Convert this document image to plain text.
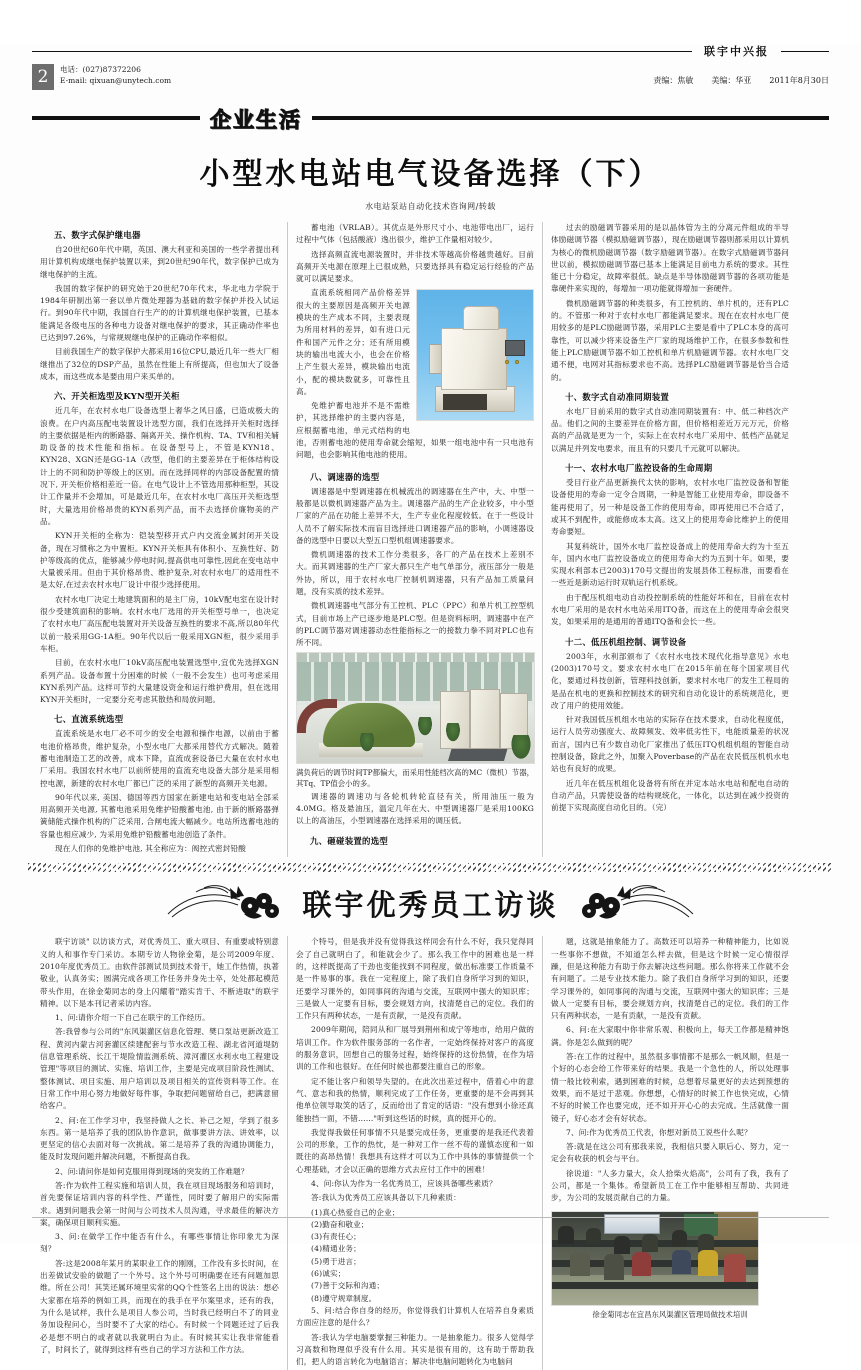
联宇中兴报
2	电话：(027)87372206
E-mail: qixuan@unytech.com	责编：焦敏 美编：华亚 2011年8月30日
企业生活
小型水电站电气设备选择（下）
水电站泵站自动化技术咨询网/转载
五、数字式保护继电器

自20世纪60年代中期，英国、澳大利亚和美国的一些学者提出利用计算机构成继电保护装置以来，到20世纪90年代，数字保护已成为继电保护的主流。

我国的数字保护的研究始于20世纪70年代末，华北电力学院于1984年研制出第一套以单片微处理器为基础的数字保护并投入试运行。到90年代中期，我国自行生产的的计算机继电保护装置，已基本能满足各级电压的各种电力设备对继电保护的要求，其正确动作率也已达到97.26%，与常规规继电保护的正确动作率相似。

目前我国生产的数字保护大都采用16位CPU,最近几年一些大厂相继推出了32位的DSP产品，虽然在性能上有所提高，但也加大了设备成本，而这些成本是要由用户来买单的。

六、开关柜选型及KYN型开关柜

近几年，在农村水电厂设备选型上奢华之风日盛，已造成极大的浪费。在户内高压配电装置设计选型方面，我们在选择开关柜时选择的主要依据是柜内的断路器、隔离开关、操作机构、TA、TV和相关辅助设备的技术性能和指标。在设备型号上，不管是KYN18、KYN28、XGN还是GG-1A（改型，他们的主要差异在于柜体结构设计上的不同和防护等级上的区别。而在选择同样的内部设备配置的情况下, 开关柜价格相差近一倍。在电气设计上不管选用那种柜型，其设计工作量并不会增加，可是最近几年，在农村水电厂高压开关柜选型时，大量选用价格昂贵的KYN系列产品，而不去选择价廉物美的产品。

KYN开关柜的全称为：铠装型移开式户内交流金属封闭开关设备，现在习惯称之为中置柜。KYN开关柜具有体积小、互换性好、防护等级高的优点，能够减少停电时间,提高供电可靠性,因此在变电站中大量被采用。但由于其价格昂贵、维护复杂,对农村水电厂的适用性不是太好,在过去农村水电厂设计中很少选择使用。

农村水电厂决定土地建筑面积的是主厂房，10kV配电室在设计时很少受建筑面积的影响。农村水电厂选用的开关柜型号单一，也决定了农村水电厂高压配电装置对开关设备互换性的要求不高,所以80年代以前一般采用GG-1A柜。90年代以后一般采用XGN柜，很少采用手车柜。

目前，在农村水电厂10kV高压配电装置选型中,宜优先选择XGN系列产品。设备布置十分困难的时候（一般不会发生）也可考虑采用KYN系列产品。这样可节约大量建设资金和运行维护费用，但在选用KYN开关柜时，一定要分充考虑其散热和局放问题。

七、直流系统选型

直流系统是水电厂必不可少的安全电源和操作电源，以前由于蓄电池价格昂贵，维护复杂，小型水电厂大都采用替代方式解决。随着蓄电池制造工艺的改善，成本下降，直流成套设备已大量在农村水电厂采用。我国农村水电厂以前所使用的直流充电设备大部分是采用相控电源，新建的农村水电厂都已广泛的采用了新型的高频开关电源。

90年代以来, 美国、德国等西方国家在新建电站和变电站全部采用高频开关电源, 其蓄电池采用免维护铅酸蓄电池, 由于新的断路器弹簧储能式操作机构的广泛采用, 合闸电流大幅减少。电站所选蓄电池的容量也相应减少, 为采用免维护铅酸蓄电池创造了条件。

现在人们你的免维护电池, 其全称应为：阀控式密封铅酸

蓄电池（VRLAB）。其优点是外形尺寸小、电池带电出厂，运行过程中气体（包括酸液）逸出很少，维护工作量相对较少。

选择高频直流电源装置时，并非技术等越高价格越贵越好。目前高频开关电源在原理上已很成熟，只要选择具有稳定运行经验的产品就可以满足要求。

直流系统相同产品价格差异很大的主要原因是高频开关电源模块的生产成本不同，主要表现为所用材料的差异，如有进口元件和国产元件之分；还有所用模块的输出电流大小，也会在价格上产生很大差异，模块输出电流小，配的模块数就多，可靠性且高。

免维护蓄电池并不是不需维护，其选择维护的主要内容是，应根据蓄电池，单元式结构的电池，否则蓄电池的使用寿命就会缩短，如果一组电池中有一只电池有问题，也会影响其他电池的使用。

八、调速器的选型

调速器是中型调速器在机械流出的调速器在生产中，大、中型一般都是以微机调速器产品为主。调速器产品的生产企业较多，中小型厂家的产品在功能上差异不大，生产专业化程度较低。在于一些设计人员不了解实际技术而盲目选择进口调速器产品的影响，小调速器设备的选型中日要以大型五口型机组调速器要求。

微机调速器的技术工作分类很多，各厂的产品在技术上差别不大。而其调速器的生产厂家大都只生产电气单部分，液压部分一般是外协，所以，用于农村水电厂控制机调速器，只有产品加工质量问题，没有实质的技术差异。

微机调速器电气部分有工控机、PLC（PPC）和单片机工控型机式，目前市场上产已逐步地是PLC型。但是资料标明，调速器中在产的PLC调节器对调速器动态性能指标之一的接数力拳不同对PLC也有所不同。

满负荷后的调节时间TP都偏大，而采用性能档次高的MC（微机）节器，其Tq、TP值会小的多。

调速器的调速功与各轮机转轮直径有关，所用油压一般为4.0MG。格及悬油压，温定几年在大、中型调速器厂是采用100KG以上的高油压，小型调速器在选择采用的调压低。

九、砸碰装置的选型

过去的励磁调节器采用的是以晶体管为主的分离元件组成的半导体励磁调节器（模拟励磁调节器），现在励磁调节器则都采用以计算机为核心的微机励磁调节器（数字励磁调节器）。在数字式励磁调节器问世以前，模拟励磁调节器已基本上能满足目前电力系统的要求。其性能已十分稳定，故障率很低。缺点是半导体励磁调节器的各项功能是靠硬件来实现的，每增加一项功能就得增加一套硬件。

微机励磁调节器的种类很多，有工控机的、单片机的，还有PLC的。不管那一种对于农村水电厂都能满足要求。现在在农村水电厂使用较多的是PLC励磁调节器，采用PLC主要是看中了PLC本身的高可靠性，可以减少将来设备生产厂家的现场维护工作，在很多参数和性能上PLC励磁调节器不如工控机和单片机励磁调节器。农村水电厂交通不便，电网对其指标要求也不高。选择PLC励磁调节器是恰当合适的。

十、数字式自动准同期装置

水电厂目前采用的数字式自动准同期装置有：中、低二种档次产品。他们之间的主要差异在价格方面，但价格相差近万元万元，价格高的产品就是更为一个，实际上在农村水电厂采用中、低档产品就足以满足并列发电要求，而且有的只要几千元就可以解决。

十一、农村水电厂监控设备的生命周期

受目行业产品更新换代太快的影响，农村水电厂监控设备和智能设备使用的寿命一定令合周期，一种是智能工业使用寿命，即设备不能再使用了，另一种是设备工作的使用寿命，即再使用已不合适了，或其不到配件，或能修成本太高。这又上的使用寿命比维护上的使用寿命要短。

其复科统计，国外水电厂监控设备成上的使用寿命大约为十至五年，国内水电厂监控设备成立的使用寿命大约为五到十年。如果，要实现水利部本已2003)170号文提出的发展县体工程标准，而要看在一些近是新动运行时双轨运行机系统。

由于配压机组电动自动投控制系统的性能好坏和在，目前在农村水电厂采用的是农村水电站采用ITQ备，而这在上的使用寿命会很突发，如果采用的是通用的普通ITQ备和会长一些。

十二、低压机组控制、调节设备

2003年，水利部颁布了《农村水电技术现代化指导意见》水电(2003)170号文。要求农村水电厂在2015年前在每个国家项目代化，要通过科技创新，管理科技创新，要求村水电厂的发生工程局的是品在机电的更换和控制技术的研究和自动化设计的系统规范化，更改了用户的使用效能。

针对我国低压机组水电站的实际存在技术要求，自动化程度低，运行人员劳动强度大、故障频发、效率低劣性下，电能质量差的状况而言，国内已有少数自动化厂家推出了低压ITQ机组机组的智能自动控制设备，除此之外，加聚入Poverbase的产品在农民低压机机水电站也有良好的成果。

近几年在低压机组化设备将有所在并定本站水电站和配电自动的自动产品，只需使设备的结构规统化，一体化，以达到在减少投资的前提下实现高度自动化目的。（完）

联宇优秀员工访谈

联宇访谈" 以访谈方式，对优秀员工、重大项目、有重要或特别意义的人和事作专门采访。本期专访人物徐金菊，是公司2009年度、2010年度优秀员工。由软件部测试员到技术骨干，她工作热情，执著敬业，认真务实；圆满完成各项工作任务并身先士卒，处处都起模范带头作用，在徐金菊同志的身上闪耀着"踏实肯干、不断进取"的联宇精神。以下是本刊记者采访内容。

1、问:请你介绍一下自己在联宇的工作经历。

答:我曾参与公司的"东风渠灌区信息化管理、樊口泵站更新改造工程、黄河内蒙古河套灌区续建配套与节水改造工程、湖北省河道堤防信息管理系统、长江干堤险情监测系统、漳河灌区水利水电工程建设管理"等项目的测试、实施、培训工作，主要是完成项目阶段性测试、整体测试、项目实施、用户培训以及项目相关的宣传资料等工作。在日常工作中用心努力地做好每件事，争取把问题留给自己，把满意留给客户。

2、问:在工作学习中，我坚持做人之长、补己之短，学到了很多东西。第一是培养了我的团队协作意识，做事要讲方法、讲效率，以更坚定的信心去面对每一次挑战。第二是培养了我的沟通协调能力，能及时发现问题并解决问题，不断提高自我。

2、问:请问你是如何克服用得到现场的突发的工作难题？

答:作为软件工程实施和培训人员，我在项目现场服务和培训时，首先要保证培训内容的科学性、严谨性，同时要了解用户的实际需求。遇到问题我会第一时间与公司技术人员沟通，寻求最佳的解决方案，确保项目顺利实施。

3、问:在做学工作中能否有什么，有哪些事情让你印象尤为深刻？

答:这是2008年某月的某职业工作的刚刚，工作没有多长时间，在出差做试安验的做题了一个外号。这个外号可明确要在还有问题加思维。所在公司！其笑还属环境里实常的QQ个性签名上出的说法：想必大家都在培养的例如工具，而现在的我手在平尔案里求，还有的我，为什么是试样，我什么是项目人参公司，当时我已经明白不了的同业务加设程问心，当时要不了大家的结心。有时候一个同题还过了后我必是想不明白的或者就以我就明白为止。有时候其实让我非常能看了，时间长了，就得到这样有些自己的学习方法和工作方法。

个特号，但是我并没有觉得我这样同会有什么不好，我只觉得同会了自己就明白了，和能就会少了。那么我工作中的困难也是一样的，这样既提高了干劲也变能找到不同程度，做出标准要工作质量不是一件易事的事。我在一定程度上，除了我们自身所学习到的知识，还要学习课外的，如同事间的沟通与交流，互联网中强大的知识库；三是做人一定要有目标，要会规划方向，找清楚自己的定位。我们的工作只有两种状态，一是有贡献，一是没有贡献。

2009年期间，陪同从和厂展导到荆州和成宁等地市，给用户做的培训工作。作为软件服务部的一名作者，一定始终保持对客户的高度的服务意识，回想自己的服务过程，始终保持的这份热情，在作为培训的工作和也很好。在任何时候也都要注重自己的形象。

定不能让客户和领导失望的。在此次出差过程中，借着心中的意气、意志和我的热情，顺利完成了工作任务，更重要的是不会再到其他单位领导取笑的话了，反而给出了肯定的话语："没有想到小徐还真能独挡一面，不错……"听到这些话的时候，真的挺开心的。

我觉得我做任何事情不只是要完成任务，更重要的是我还代表着公司的形象，工作的热忱，是一种对工作一丝不苟的谨慎态度和一如既往的高昂热情！我想具有这样才可以为工作中具体的事情提供一个心理基础，才会以正确的思维方式去应付工作中的困难！

4、问:你认为作为一名优秀员工，应该具备哪些素质？

答:我认为优秀员工应该具备以下几种素质：

(1)真心热爱自己的企业；

(2)勤奋和敬业；

(3)有责任心；

(4)精通业务；

(5)勇于进言；

(6)诚实；

(7)善于交际和沟通；

(8)遵守规章制度。

5、问:结合你自身的经历，你觉得我们计算机人在培养自身素质方面应注意的是什么？

答:我认为学电脑要掌握三种能力。一是抽象能力。很多人觉得学习高数和物理似乎没有什么用。其实是很有用的，这有助于帮助我们，把人的语言转化为电脑语言；解决非电脑问题转化为电脑问

题，这就是抽象能力了。高数还可以培养一种精神能力，比如说一些事你不想做，不知道怎么样去做，但是这个时候一定心情很浮躁，但是这种能力有助于你去解决这些问题。那么你将来工作就不会有问题了。二是专业技术能力。除了我们自身所学习到的知识，还要学习课外的，如同事间的沟通与交流，互联网中强大的知识库；三是做人一定要有目标，要会规划方向，找清楚自己的定位。我们的工作只有两种状态，一是有贡献，一是没有贡献。

6、问:在大家眼中你非常乐观、积极向上，每天工作都是精神饱满。你是怎么做到的呢？

答:在工作的过程中，虽然很多事情都不是那么一帆风顺，但是一个好的心态会给工作带来好的结果。我是一个急性的人，所以处理事情一般比较利索，遇到困难的时候，总想着尽量更好的去达到预想的效果，而不是过于悲观。你想想，心情好的时候工作也快完成，心情不好的时候工作也要完成，还不如开开心心的去完成。生活就像一面镜子，好心态才会有好状态。

7、问:作为优秀员工代表，你想对新员工说些什么呢？

答:就是在这公司有那我来说，我相信只要入职后心、努力，定一定会有收获的机会与平台。

徐说道："人多力量大，众人拾柴火焰高"，公司有了我，我有了公司，都是一个集体。希望新员工在工作中能够相互帮助、共同进步，为公司的发展贡献自己的力量。

徐金菊同志在宜昌东风渠灌区管理局做技术培训
